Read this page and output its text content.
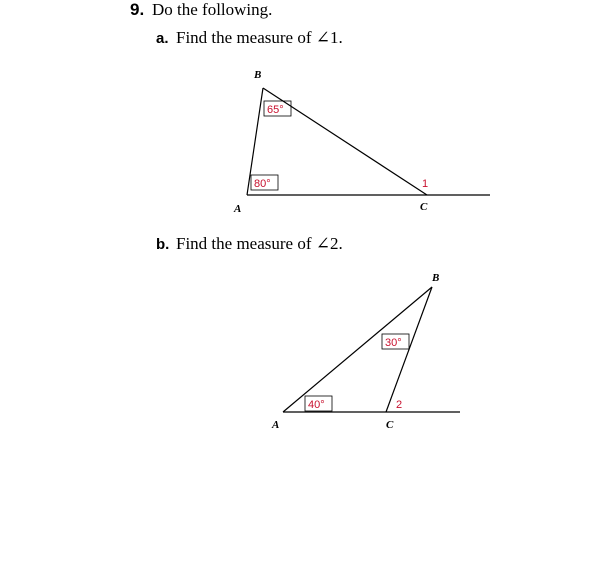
9. Do the following.
a. Find the measure of ∠1.
b. Find the measure of ∠2.
B
A	C
65°
80°	1
B
A	C
30°
40°	2
